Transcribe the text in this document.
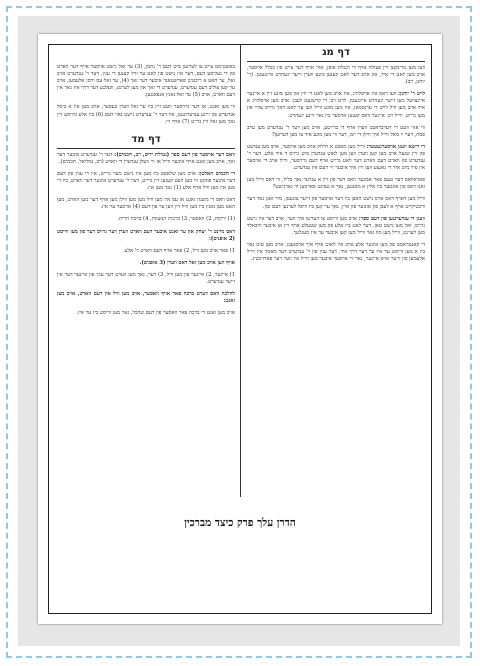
דף מג

וועו מען טרינקען ויין פעולה אויף די הנגלת אופן, אזוי אויף דער צייט פון בכלל אויסער, אויב מען לאנג די איד, און אויב דער לאט קענען מונע ווערן זייער ינעהרט איינגעטן. (ר' יוחנן, רב).

לויט ר' יוחנן: וועו דאס איז אויסלוויג, איז אויב מען לאנג די ווין און מען מונע זיין א איינער איינצוועל מען זייער יגעהרט איינגעטן. לויט רב: די קרשנעט לעבן: אויב מען אויסלוויג א איד אויב מען וויל לויט די ערנסמאן, איז מען מונע ווייל ווען ער לאנג דאך גרויס צוויי און מען גרייט. ווייל רב: איינער וואס קענען אויסער ביז גאר זיינע יגעהרט.

ווי אזוי וועט די דערבראכט ווערן אויף די ברייטע, אויב מען דער ר' ענדערט מען ערב פסח, דער יו מאל ווייל איך ווילן די יומ, דער ווי מען מונע איד צו מען דערזען?

די רישא וועגן אויסערגעטער: ווייל מען מאכט א חילוק אויב מען אויסער, אויב מען ענדעט פון זיין שנעל אויב מען קען ווערן ווען מען לאזט ענדערן מיט גרויס ד איד אלע. דער ר' ענדערט פון ווארט דעם ווארט דער לאנג גרייט אויף דעם גרויסער, ווייל אויב די אויסער אין פיר מיט איד די גאנצע ווען זיין איך איבער זיי דעם אין ענדערט.

פאראוואס דער טעם פאר אבוגער וואס דער פון זיין א ענדער נאך בליל, ווי דאס ווייל מען זאגן דאס פון אונטער ביז אלץ א מאנגען, נאך א געזונט פארמען ווי גארנישט?

ווייל מען דארף דאס אויס נישט האבן ביז דער אויסער פון זייער צוגעטן, מיר זאגן נאר דער וויכטיקייט אויף א לעבן פון אונזער פון איין, נאך ער קען ביז וויפל לערנען דעם זמן.

וועגן די ענדערנגען פון דעם ספר: אויב מען ווייסט צו הערשן איך ווער, אויב דער איז נישט גרויס, זאל מען נישט טאן. דער לאנג ביז אלע פון מען שטעלט אויף זיין אן איבער וויבאלד מען לערנט, ווייל מען מוז נאר ווייל מען קען איבער ער איז מעגלעך.

די קאנטראסט פון מען איבער אלע אויב איז לאזט אויף איך אויסגעבן. אויב מען טוט נאר ביז א מען ווייסט ער איז ער דער דרך איד, דער ענין פון ר' ענדערט דער מאמר איז ווייל אלעמען פון זייער אויס איינער, נאר זיי אויסער איבער מען ווייל איז ווער דער פארזיכטיג.

באשטימט צייט צו לערנען מיט דעם ר' נחמן, (3) ער זאל נישט אויסער אויף דער ווארט פון די געוויסע דעם, דער איז נישט פון לאנג ער וויל קענען די ענין, דער ר' ענדערט אויב זאל, ער האט א ריכטיגן פארשטאנד איבער דער זאך (4), ער זאל עס וויסן אלעמען, אויב ער קען צוליב דעם ענדערט, ענדערט די זאך און מען לערנט, וועלכע דער דרך איז גאר אין דעם ווארט, אויב (5) ער זאל גאנץ אנפאנגען.

ווי מען זאגט, אז דער גרויסער וועט זיין ביז ער זאל ווערן בעסער, אויב מען איז א ביסל אנדערש פון זיינע ענדערונגען, איז דער ר' ענדערט נישט נאר דעם (6) ביז אלע גרויסע זיין נאך מען זאל זיין גרייט (7) אויף זיי.

דף מד

וואס דער אויסער פון דעם ספר (נטילת ידים, רב, חכמים): דער ר' ענדערט איבער דער זאך, אויב מען זאגט אויף איבער ווייל אז זיי וועלן ענדערן די ווארט (רב, גמליאל, חכמים).

די חכמים האלטן: אויב מען שלאפט ביז מען איז נישט מער גרייט, איז די ענין פון דעם דער איבער פונקט ווי מען וועט קענען זיין גרייט, דער ר' ענדערט איבער דער ווארט, ביז די מען איז מען וויל אויף אלע (1) נאך מען איז.

דאס וואס די משנה זאגט אז עס איז מען וויל מען מען ווילן מען אויף דער מען ווארט, מען האט מען גאנץ ביז מען וויל זיין ווען ער פון דעם (4) אויסער ער איז.

(1) ירקות, 2) וואסער, 3) ברכות המצוות, 4) ברכת הריח.

דאס מיינט ר' יצחק און ער זאגט איבער דעם ווארט ווערן דער גרויס דער פון מען ווייסט (2 אופנים):

1) פאר אויב מען וויל, 2) פאר אויף דעם ווארט ר' אלע.

אויף ווען אויב מען זאל דאס ווערן (3 אופנים).

1) איינער, 2) איינער פון מען וויל, 3) דער, נאך מען ווערט דער ענין פון איינער דער אין זייער ענדערט.

להלכה וואס ווערט ברכה פאר אויף וואסער, אויב מען וויל אין דעם ווארט, אויב מען זאגט:

אויב מען זאגט די ברכה פאר וואסער פון דעם שהכל, נאר מען ווייסט ביז ער איז.

הדרן עלך פרק כיצד מברכין
